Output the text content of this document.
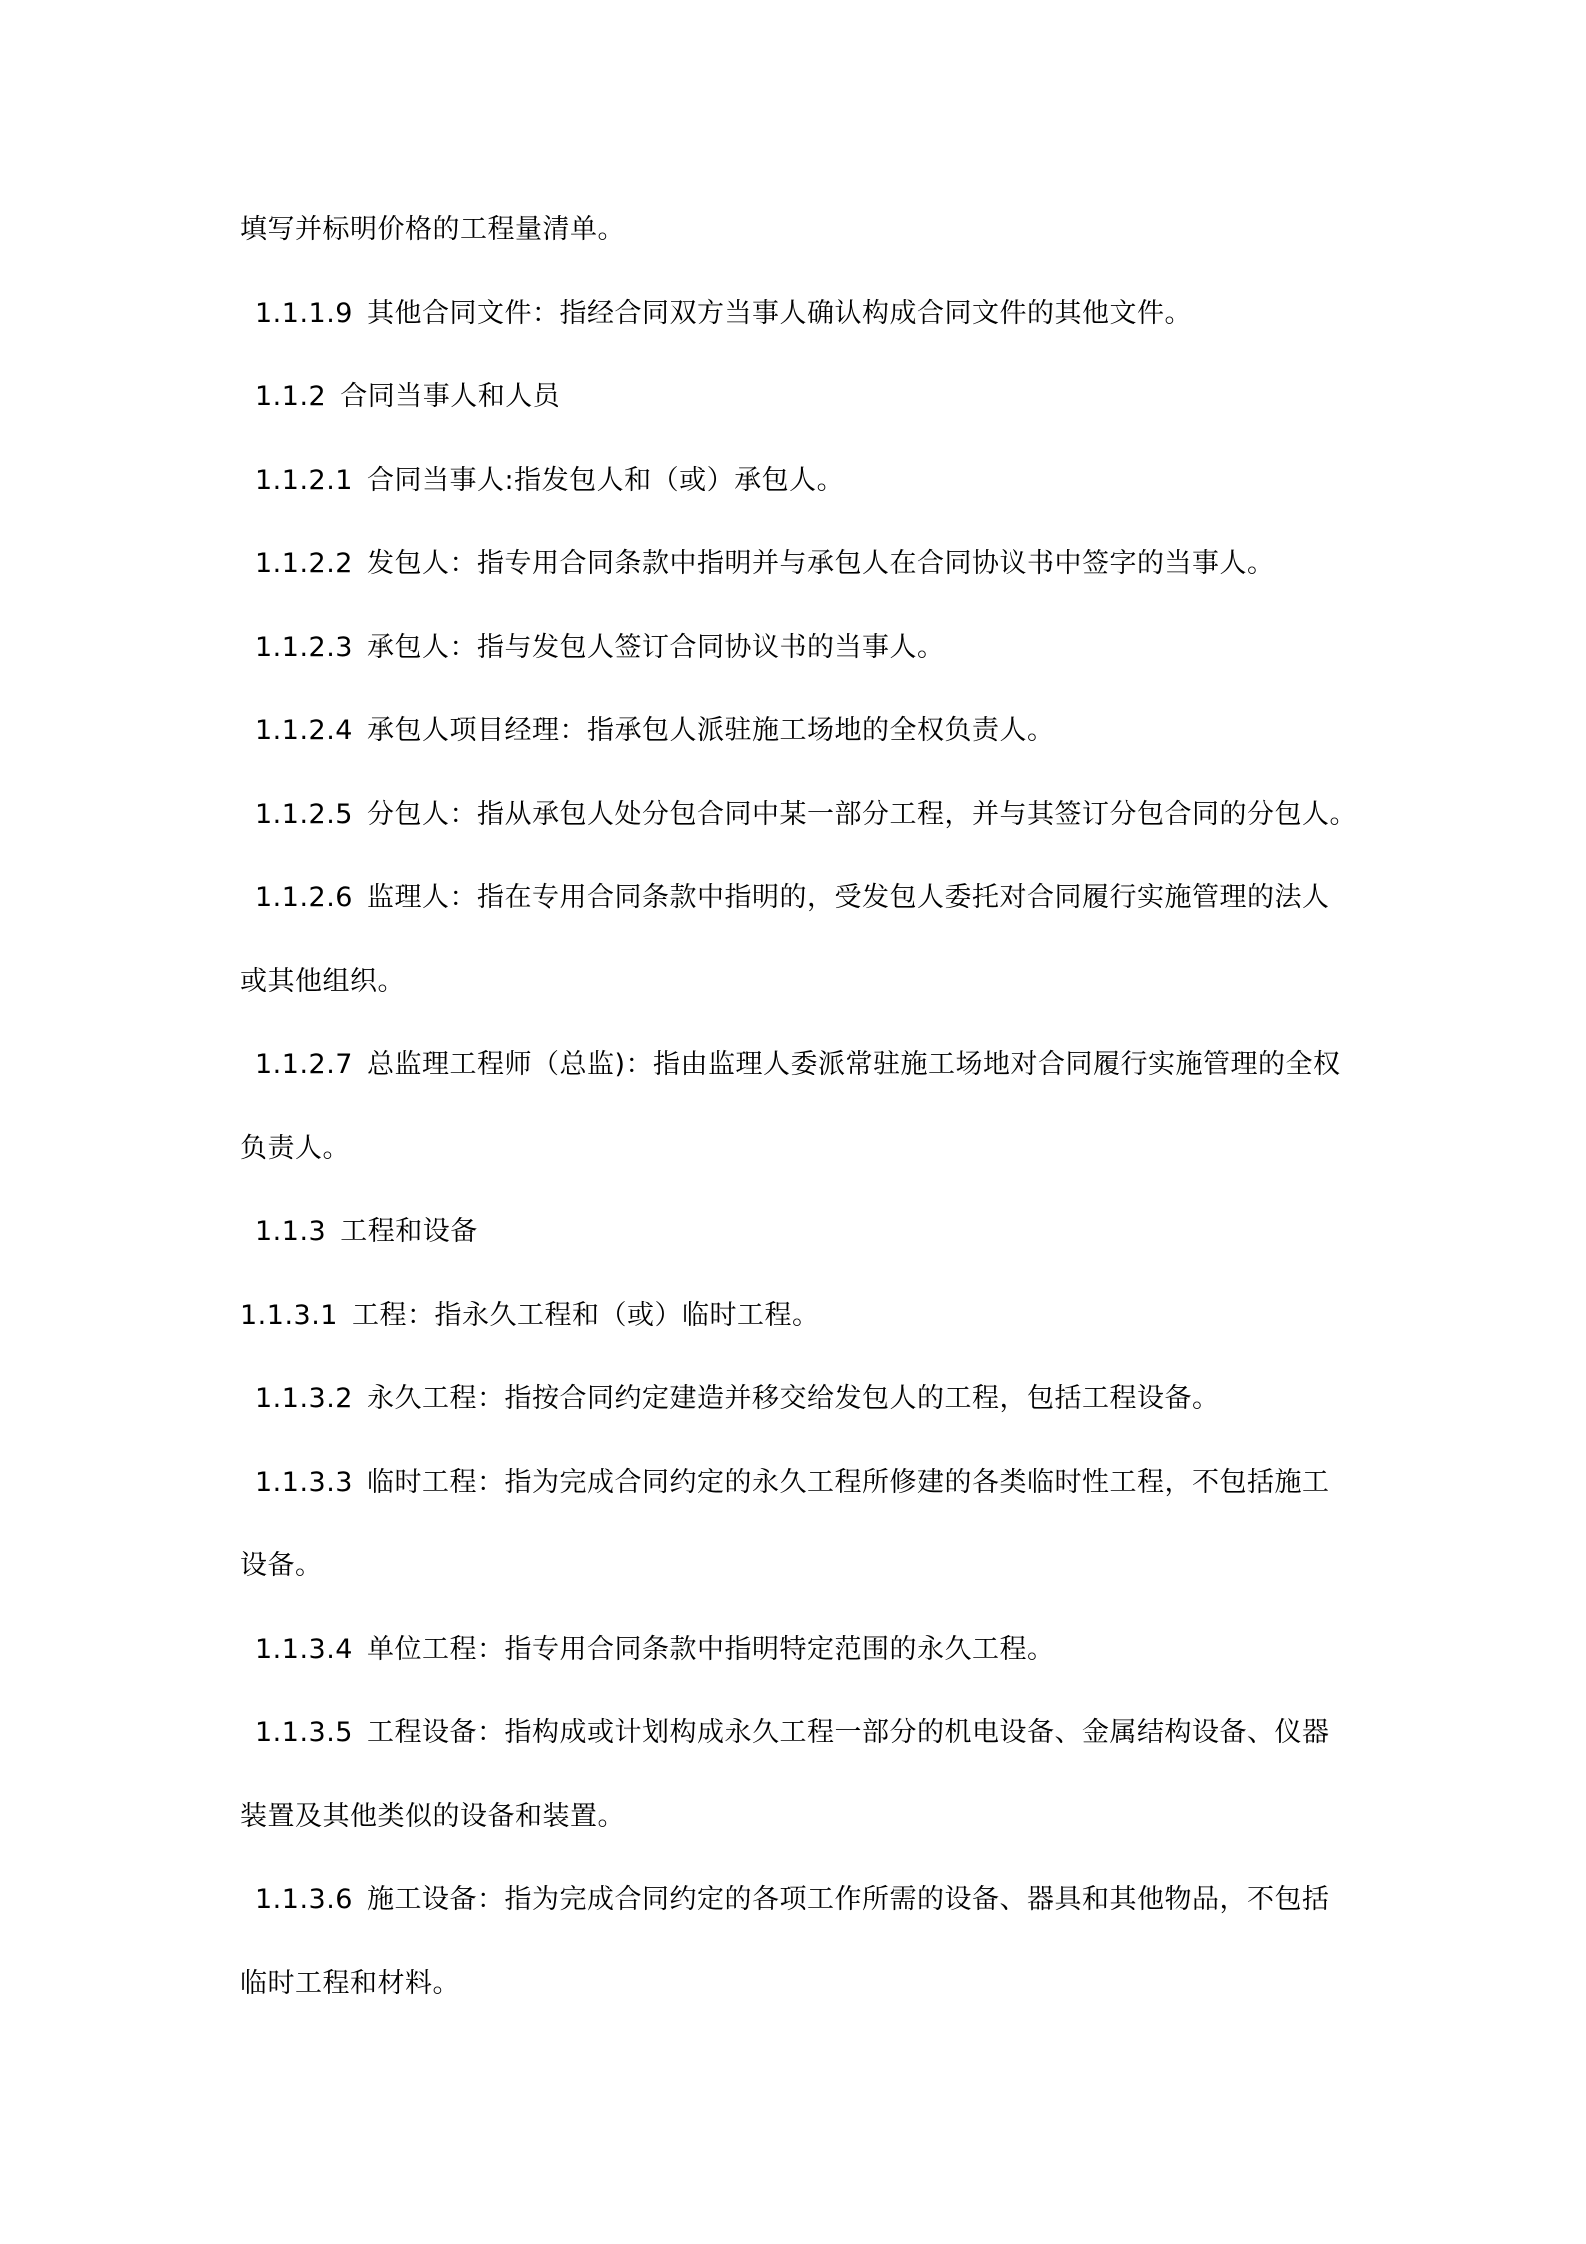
填写并标明价格的工程量清单。
1.1.1.9 其他合同文件：指经合同双方当事人确认构成合同文件的其他文件。
1.1.2 合同当事人和人员
1.1.2.1 合同当事人:指发包人和（或）承包人。
1.1.2.2 发包人：指专用合同条款中指明并与承包人在合同协议书中签字的当事人。
1.1.2.3 承包人：指与发包人签订合同协议书的当事人。
1.1.2.4 承包人项目经理：指承包人派驻施工场地的全权负责人。
1.1.2.5 分包人：指从承包人处分包合同中某一部分工程，并与其签订分包合同的分包人。
1.1.2.6 监理人：指在专用合同条款中指明的，受发包人委托对合同履行实施管理的法人
或其他组织。
1.1.2.7 总监理工程师（总监)：指由监理人委派常驻施工场地对合同履行实施管理的全权
负责人。
1.1.3 工程和设备
1.1.3.1 工程：指永久工程和（或）临时工程。
1.1.3.2 永久工程：指按合同约定建造并移交给发包人的工程，包括工程设备。
1.1.3.3 临时工程：指为完成合同约定的永久工程所修建的各类临时性工程，不包括施工
设备。
1.1.3.4 单位工程：指专用合同条款中指明特定范围的永久工程。
1.1.3.5 工程设备：指构成或计划构成永久工程一部分的机电设备、金属结构设备、仪器
装置及其他类似的设备和装置。
1.1.3.6 施工设备：指为完成合同约定的各项工作所需的设备、器具和其他物品，不包括
临时工程和材料。
